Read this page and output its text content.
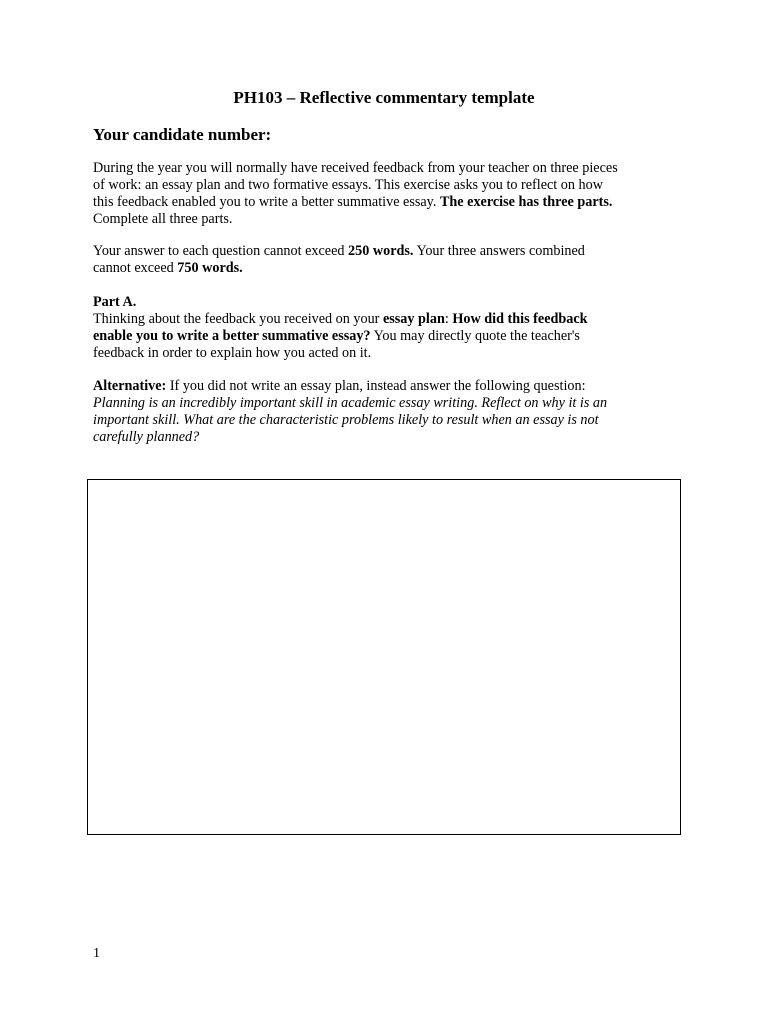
PH103 – Reflective commentary template
Your candidate number:
During the year you will normally have received feedback from your teacher on three pieces
of work: an essay plan and two formative essays. This exercise asks you to reflect on how
this feedback enabled you to write a better summative essay. The exercise has three parts.
Complete all three parts.
Your answer to each question cannot exceed 250 words. Your three answers combined
cannot exceed 750 words.
Part A.
Thinking about the feedback you received on your essay plan: How did this feedback
enable you to write a better summative essay? You may directly quote the teacher's
feedback in order to explain how you acted on it.
Alternative: If you did not write an essay plan, instead answer the following question:
Planning is an incredibly important skill in academic essay writing. Reflect on why it is an
important skill. What are the characteristic problems likely to result when an essay is not
carefully planned?
1
